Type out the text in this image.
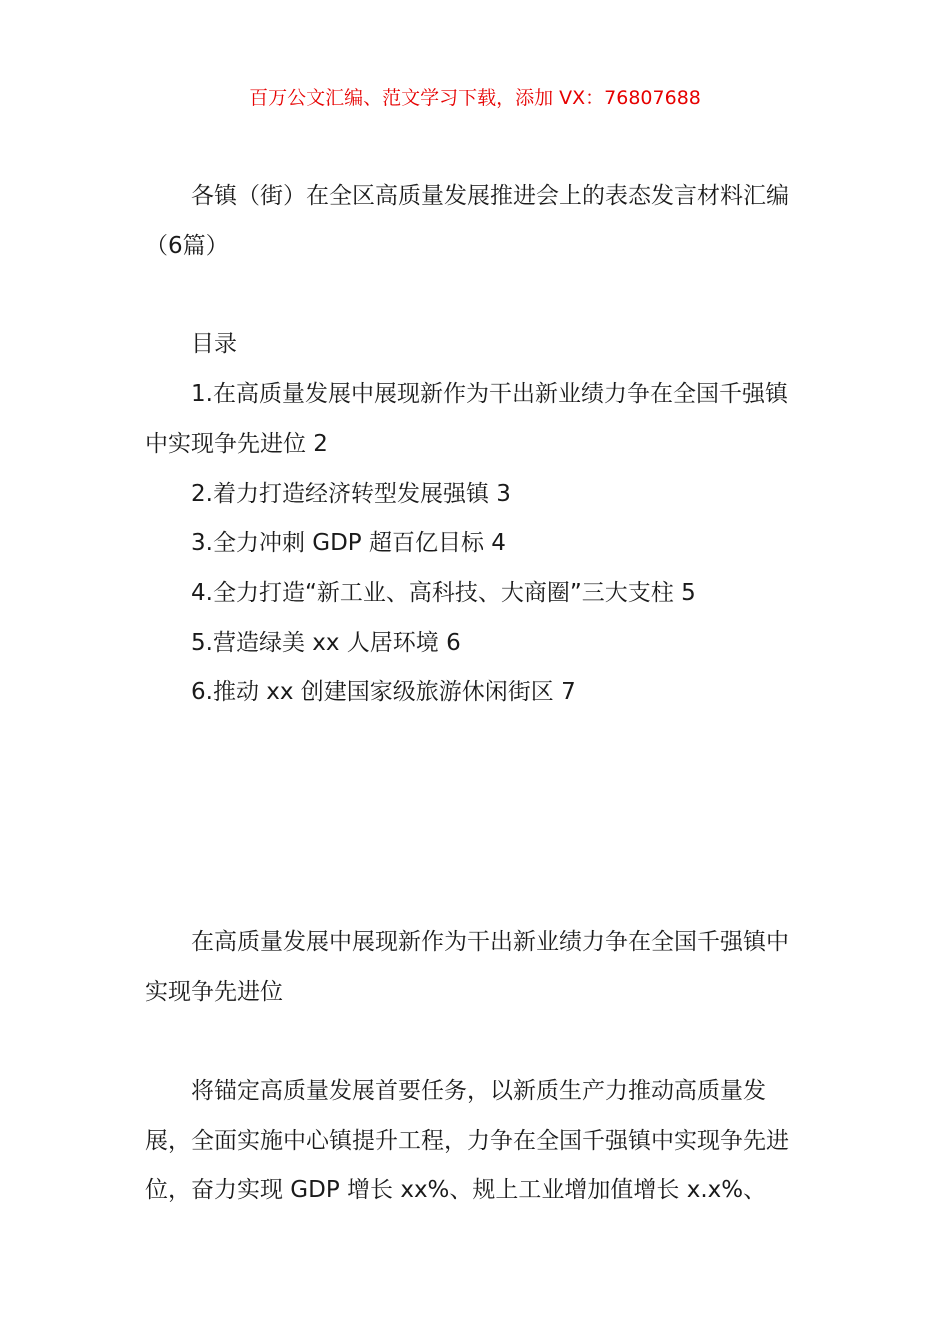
百万公文汇编、范文学习下载，添加 VX：76807688

各镇（街）在全区高质量发展推进会上的表态发言材料汇编（6篇）

目录
1.在高质量发展中展现新作为干出新业绩力争在全国千强镇中实现争先进位 2
2.着力打造经济转型发展强镇 3
3.全力冲刺 GDP 超百亿目标 4
4.全力打造“新工业、高科技、大商圈”三大支柱 5
5.营造绿美 xx 人居环境 6
6.推动 xx 创建国家级旅游休闲街区 7

在高质量发展中展现新作为干出新业绩力争在全国千强镇中实现争先进位

将锚定高质量发展首要任务，以新质生产力推动高质量发展，全面实施中心镇提升工程，力争在全国千强镇中实现争先进位，奋力实现 GDP 增长 xx%、规上工业增加值增长 x.x%、
